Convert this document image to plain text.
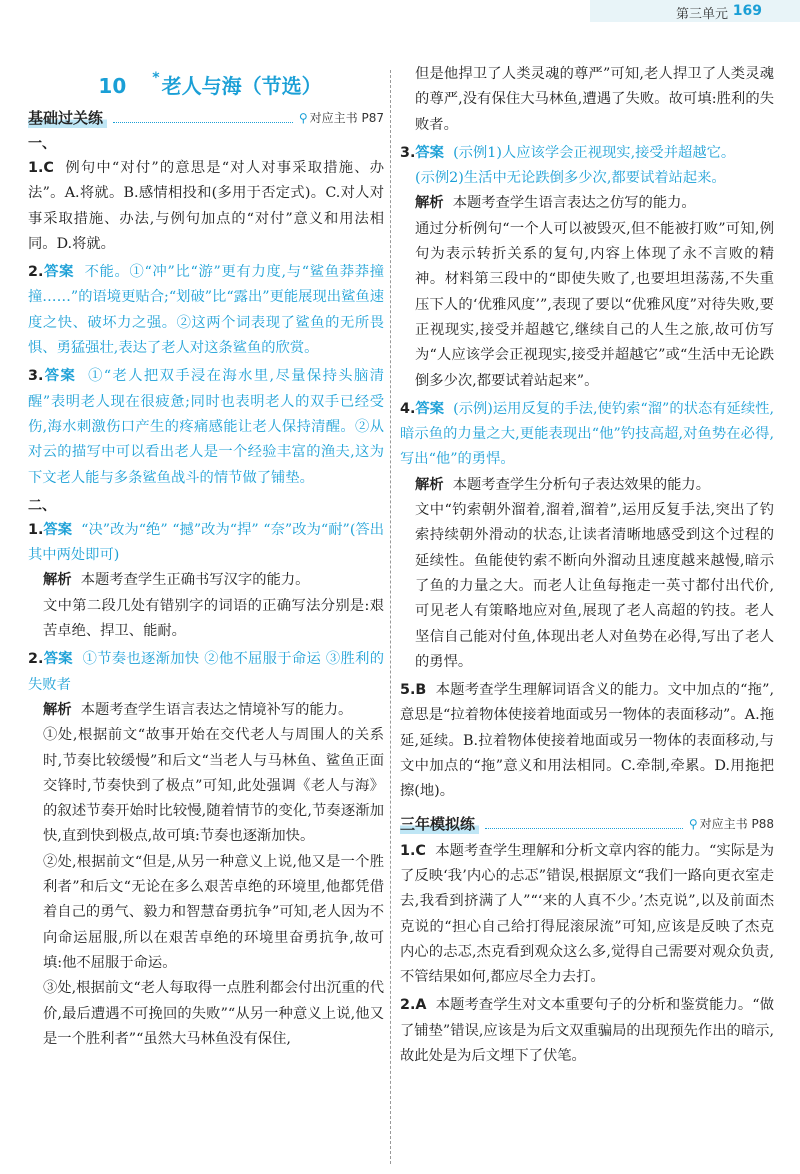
第三单元 169
10 * 老人与海（节选）
基础过关练	⚲ 对应主书 P87
一、

1.C 例句中“对付”的意思是“对人对事采取措施、办法”。A.将就。B.感情相投和(多用于否定式)。C.对人对事采取措施、办法,与例句加点的“对付”意义和用法相同。D.将就。

2.答案 不能。①“冲”比“游”更有力度,与“鲨鱼莽莽撞撞……”的语境更贴合;“划破”比“露出”更能展现出鲨鱼速度之快、破坏力之强。②这两个词表现了鲨鱼的无所畏惧、勇猛强壮,表达了老人对这条鲨鱼的欣赏。

3.答案 ①“老人把双手浸在海水里,尽量保持头脑清醒”表明老人现在很疲惫;同时也表明老人的双手已经受伤,海水刺激伤口产生的疼痛感能让老人保持清醒。②从对云的描写中可以看出老人是一个经验丰富的渔夫,这为下文老人能与多条鲨鱼战斗的情节做了铺垫。

二、

1.答案 “决”改为“绝” “撼”改为“捍” “奈”改为“耐”(答出其中两处即可)

解析 本题考查学生正确书写汉字的能力。

文中第二段几处有错别字的词语的正确写法分别是:艰苦卓绝、捍卫、能耐。

2.答案 ①节奏也逐渐加快 ②他不屈服于命运 ③胜利的失败者

解析 本题考查学生语言表达之情境补写的能力。

①处,根据前文“故事开始在交代老人与周围人的关系时,节奏比较缓慢”和后文“当老人与马林鱼、鲨鱼正面交锋时,节奏快到了极点”可知,此处强调《老人与海》的叙述节奏开始时比较慢,随着情节的变化,节奏逐渐加快,直到快到极点,故可填:节奏也逐渐加快。

②处,根据前文“但是,从另一种意义上说,他又是一个胜利者”和后文“无论在多么艰苦卓绝的环境里,他都凭借着自己的勇气、毅力和智慧奋勇抗争”可知,老人因为不向命运屈服,所以在艰苦卓绝的环境里奋勇抗争,故可填:他不屈服于命运。

③处,根据前文“老人每取得一点胜利都会付出沉重的代价,最后遭遇不可挽回的失败”“从另一种意义上说,他又是一个胜利者”“虽然大马林鱼没有保住,

但是他捍卫了人类灵魂的尊严”可知,老人捍卫了人类灵魂的尊严,没有保住大马林鱼,遭遇了失败。故可填:胜利的失败者。

3.答案 (示例1)人应该学会正视现实,接受并超越它。

(示例2)生活中无论跌倒多少次,都要试着站起来。

解析 本题考查学生语言表达之仿写的能力。

通过分析例句“一个人可以被毁灭,但不能被打败”可知,例句为表示转折关系的复句,内容上体现了永不言败的精神。材料第三段中的“即使失败了,也要坦坦荡荡,不失重压下人的‘优雅风度’”,表现了要以“优雅风度”对待失败,要正视现实,接受并超越它,继续自己的人生之旅,故可仿写为“人应该学会正视现实,接受并超越它”或“生活中无论跌倒多少次,都要试着站起来”。

4.答案 (示例)运用反复的手法,使钓索“溜”的状态有延续性,暗示鱼的力量之大,更能表现出“他”钓技高超,对鱼势在必得,写出“他”的勇悍。

解析 本题考查学生分析句子表达效果的能力。

文中“钓索朝外溜着,溜着,溜着”,运用反复手法,突出了钓索持续朝外滑动的状态,让读者清晰地感受到这个过程的延续性。鱼能使钓索不断向外溜动且速度越来越慢,暗示了鱼的力量之大。而老人让鱼每拖走一英寸都付出代价,可见老人有策略地应对鱼,展现了老人高超的钓技。老人坚信自己能对付鱼,体现出老人对鱼势在必得,写出了老人的勇悍。

5.B 本题考查学生理解词语含义的能力。文中加点的“拖”,意思是“拉着物体使接着地面或另一物体的表面移动”。A.拖延,延续。B.拉着物体使接着地面或另一物体的表面移动,与文中加点的“拖”意义和用法相同。C.牵制,牵累。D.用拖把擦(地)。

三年模拟练	⚲ 对应主书 P88

1.C 本题考查学生理解和分析文章内容的能力。“实际是为了反映‘我’内心的忐忑”错误,根据原文“我们一路向更衣室走去,我看到挤满了人”“‘来的人真不少。’杰克说”,以及前面杰克说的“担心自己给打得屁滚尿流”可知,应该是反映了杰克内心的忐忑,杰克看到观众这么多,觉得自己需要对观众负责,不管结果如何,都应尽全力去打。

2.A 本题考查学生对文本重要句子的分析和鉴赏能力。“做了铺垫”错误,应该是为后文双重骗局的出现预先作出的暗示,故此处是为后文埋下了伏笔。
